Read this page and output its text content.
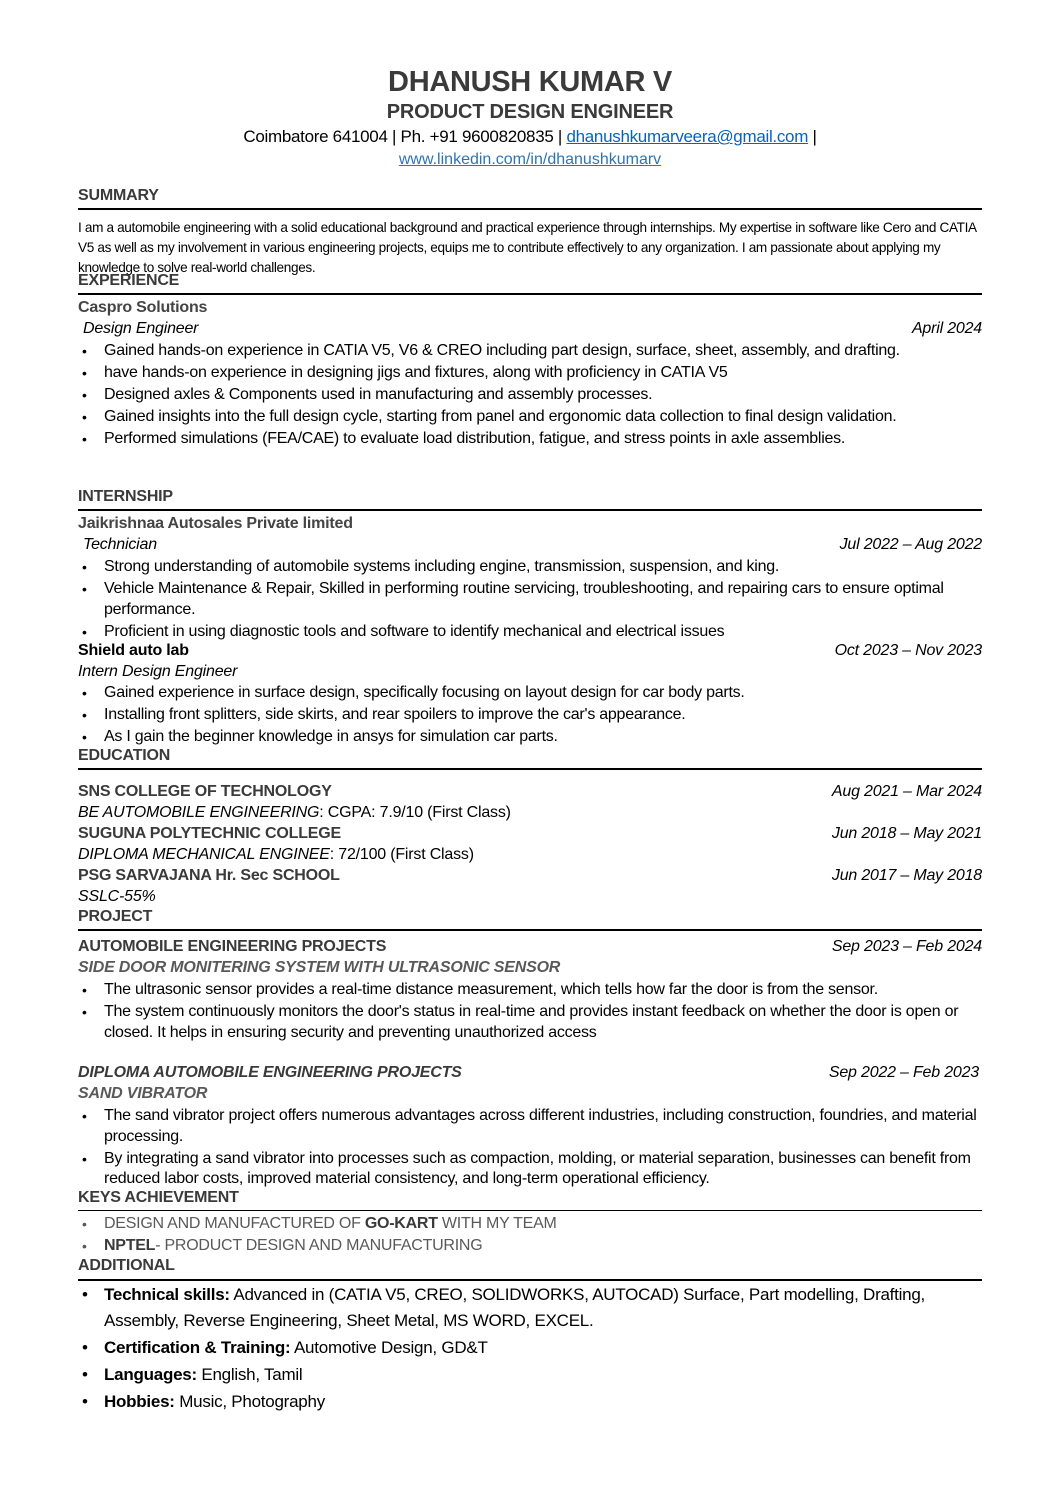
DHANUSH KUMAR V
PRODUCT DESIGN ENGINEER
Coimbatore 641004 | Ph. +91 9600820835 | dhanushkumarveera@gmail.com |
www.linkedin.com/in/dhanushkumarv
SUMMARY
I am a automobile engineering with a solid educational background and practical experience through internships. My expertise in software like Cero and CATIA V5 as well as my involvement in various engineering projects, equips me to contribute effectively to any organization. I am passionate about applying my knowledge to solve real-world challenges.
EXPERIENCE
Caspro Solutions
Design Engineer	April 2024
• Gained hands-on experience in CATIA V5, V6 & CREO including part design, surface, sheet, assembly, and drafting.
• have hands-on experience in designing jigs and fixtures, along with proficiency in CATIA V5
• Designed axles & Components used in manufacturing and assembly processes.
• Gained insights into the full design cycle, starting from panel and ergonomic data collection to final design validation.
• Performed simulations (FEA/CAE) to evaluate load distribution, fatigue, and stress points in axle assemblies.
INTERNSHIP
Jaikrishnaa Autosales Private limited
Technician	Jul 2022 – Aug 2022
• Strong understanding of automobile systems including engine, transmission, suspension, and king.
• Vehicle Maintenance & Repair, Skilled in performing routine servicing, troubleshooting, and repairing cars to ensure optimal performance.
• Proficient in using diagnostic tools and software to identify mechanical and electrical issues
Shield auto lab	Oct 2023 – Nov 2023
Intern Design Engineer
• Gained experience in surface design, specifically focusing on layout design for car body parts.
• Installing front splitters, side skirts, and rear spoilers to improve the car's appearance.
• As I gain the beginner knowledge in ansys for simulation car parts.
EDUCATION
SNS COLLEGE OF TECHNOLOGY	Aug 2021 – Mar 2024
BE AUTOMOBILE ENGINEERING : CGPA: 7.9/10 (First Class)
SUGUNA POLYTECHNIC COLLEGE	Jun 2018 – May 2021
DIPLOMA MECHANICAL ENGINEE : 72/100 (First Class)
PSG SARVAJANA Hr. Sec SCHOOL	Jun 2017 – May 2018
SSLC-55%
PROJECT
AUTOMOBILE ENGINEERING PROJECTS	Sep 2023 – Feb 2024
SIDE DOOR MONITERING SYSTEM WITH ULTRASONIC SENSOR
• The ultrasonic sensor provides a real-time distance measurement, which tells how far the door is from the sensor.
• The system continuously monitors the door's status in real-time and provides instant feedback on whether the door is open or closed. It helps in ensuring security and preventing unauthorized access
DIPLOMA AUTOMOBILE ENGINEERING PROJECTS	Sep 2022 – Feb 2023
SAND VIBRATOR
• The sand vibrator project offers numerous advantages across different industries, including construction, foundries, and material processing.
• By integrating a sand vibrator into processes such as compaction, molding, or material separation, businesses can benefit from reduced labor costs, improved material consistency, and long-term operational efficiency.
KEYS ACHIEVEMENT
• DESIGN AND MANUFACTURED OF GO-KART WITH MY TEAM
• NPTEL- PRODUCT DESIGN AND MANUFACTURING
ADDITIONAL
• Technical skills: Advanced in (CATIA V5, CREO, SOLIDWORKS, AUTOCAD) Surface, Part modelling, Drafting, Assembly, Reverse Engineering, Sheet Metal, MS WORD, EXCEL.
• Certification & Training: Automotive Design, GD&T
• Languages: English, Tamil
• Hobbies: Music, Photography
